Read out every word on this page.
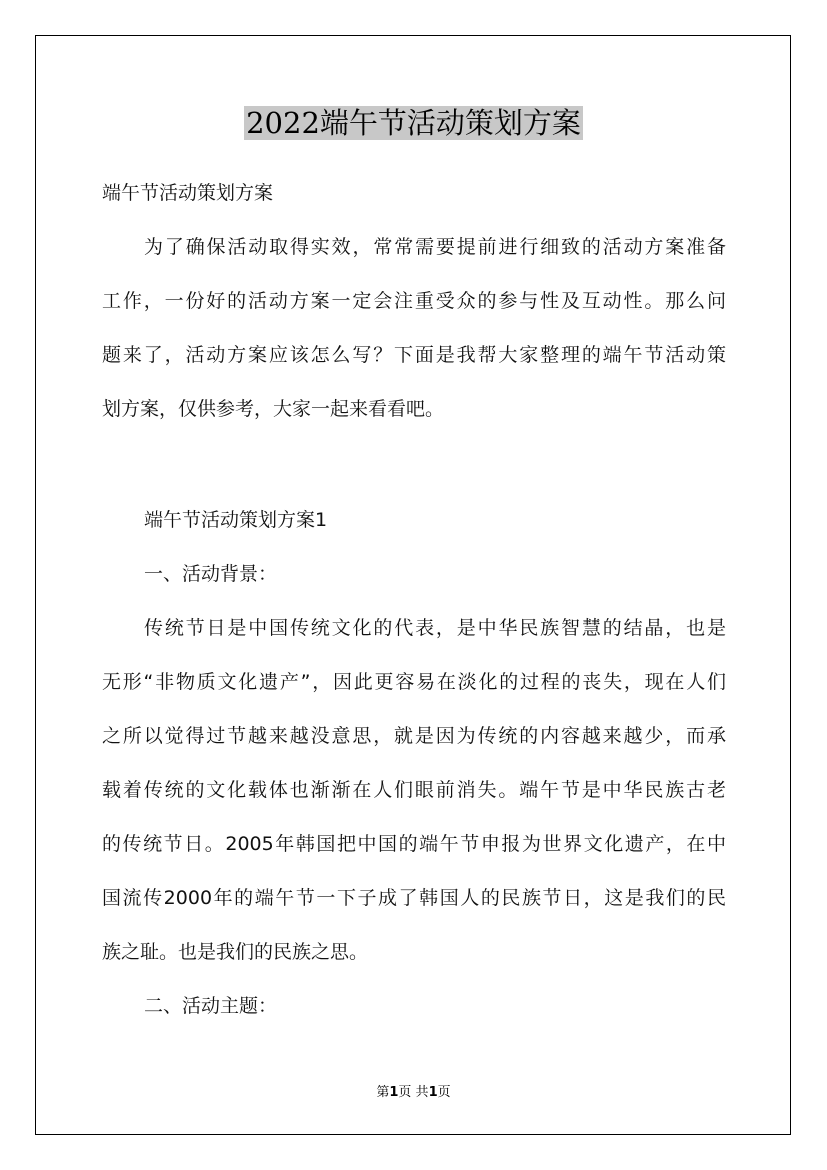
2022端午节活动策划方案
端午节活动策划方案
为了确保活动取得实效，常常需要提前进行细致的活动方案准备
工作，一份好的活动方案一定会注重受众的参与性及互动性。那么问
题来了，活动方案应该怎么写？下面是我帮大家整理的端午节活动策
划方案，仅供参考，大家一起来看看吧。
端午节活动策划方案1
一、活动背景：
传统节日是中国传统文化的代表，是中华民族智慧的结晶，也是
无形“非物质文化遗产”，因此更容易在淡化的过程的丧失，现在人们
之所以觉得过节越来越没意思，就是因为传统的内容越来越少，而承
载着传统的文化载体也渐渐在人们眼前消失。端午节是中华民族古老
的传统节日。2005年韩国把中国的端午节申报为世界文化遗产，在中
国流传2000年的端午节一下子成了韩国人的民族节日，这是我们的民
族之耻。也是我们的民族之思。
二、活动主题：
第1页 共1页
